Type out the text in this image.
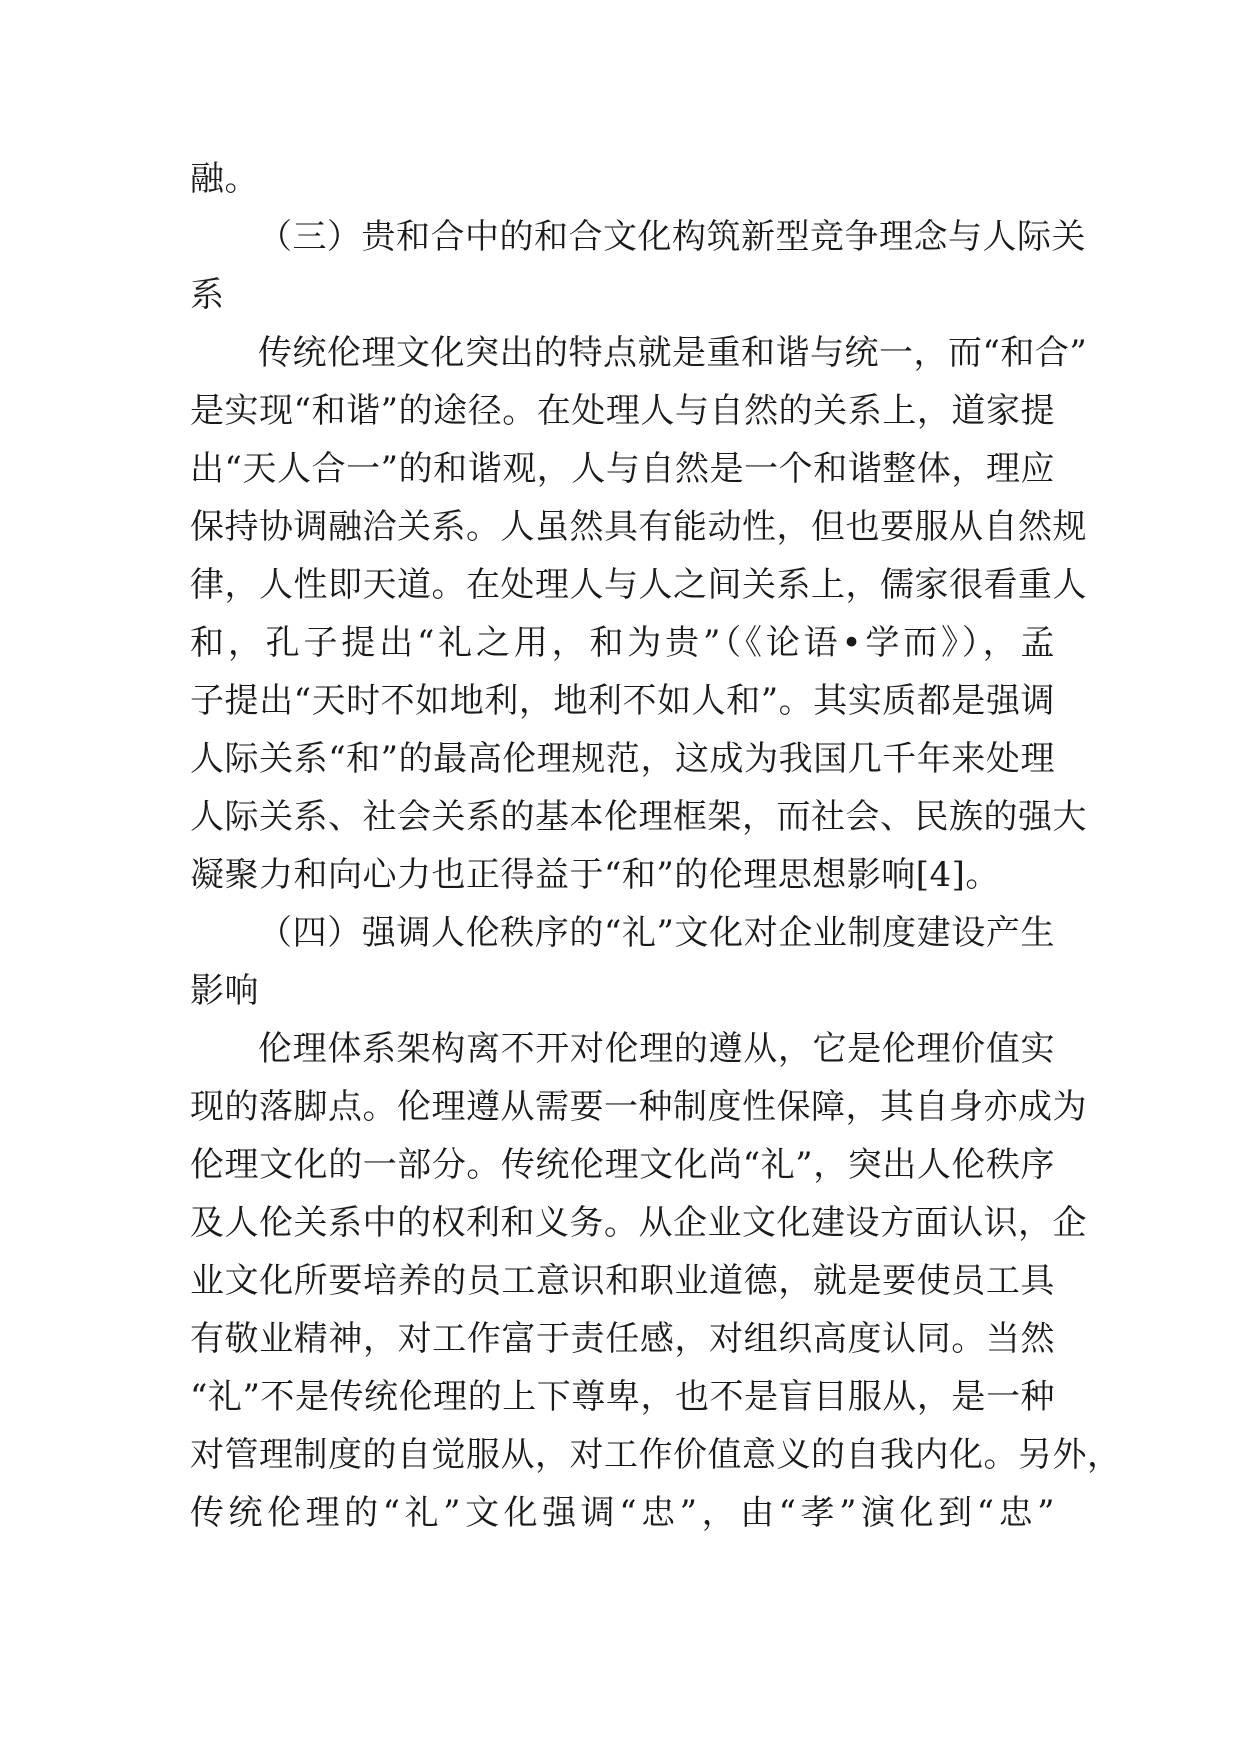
融。
（三）贵和合中的和合文化构筑新型竞争理念与人际关
系
传统伦理文化突出的特点就是重和谐与统一，而“和合”
是实现“和谐”的途径。在处理人与自然的关系上，道家提
出“天人合一”的和谐观，人与自然是一个和谐整体，理应
保持协调融洽关系。人虽然具有能动性，但也要服从自然规
律，人性即天道。在处理人与人之间关系上，儒家很看重人
和，孔子提出“礼之用，和为贵”（《论语•学而》），孟
子提出“天时不如地利，地利不如人和”。其实质都是强调
人际关系“和”的最高伦理规范，这成为我国几千年来处理
人际关系、社会关系的基本伦理框架，而社会、民族的强大
凝聚力和向心力也正得益于“和”的伦理思想影响[4]。
（四）强调人伦秩序的“礼”文化对企业制度建设产生
影响
伦理体系架构离不开对伦理的遵从，它是伦理价值实
现的落脚点。伦理遵从需要一种制度性保障，其自身亦成为
伦理文化的一部分。传统伦理文化尚“礼”，突出人伦秩序
及人伦关系中的权利和义务。从企业文化建设方面认识，企
业文化所要培养的员工意识和职业道德，就是要使员工具
有敬业精神，对工作富于责任感，对组织高度认同。当然
“礼”不是传统伦理的上下尊卑，也不是盲目服从，是一种
对管理制度的自觉服从，对工作价值意义的自我内化。另外，
传统伦理的“礼”文化强调“忠”，由“孝”演化到“忠”
